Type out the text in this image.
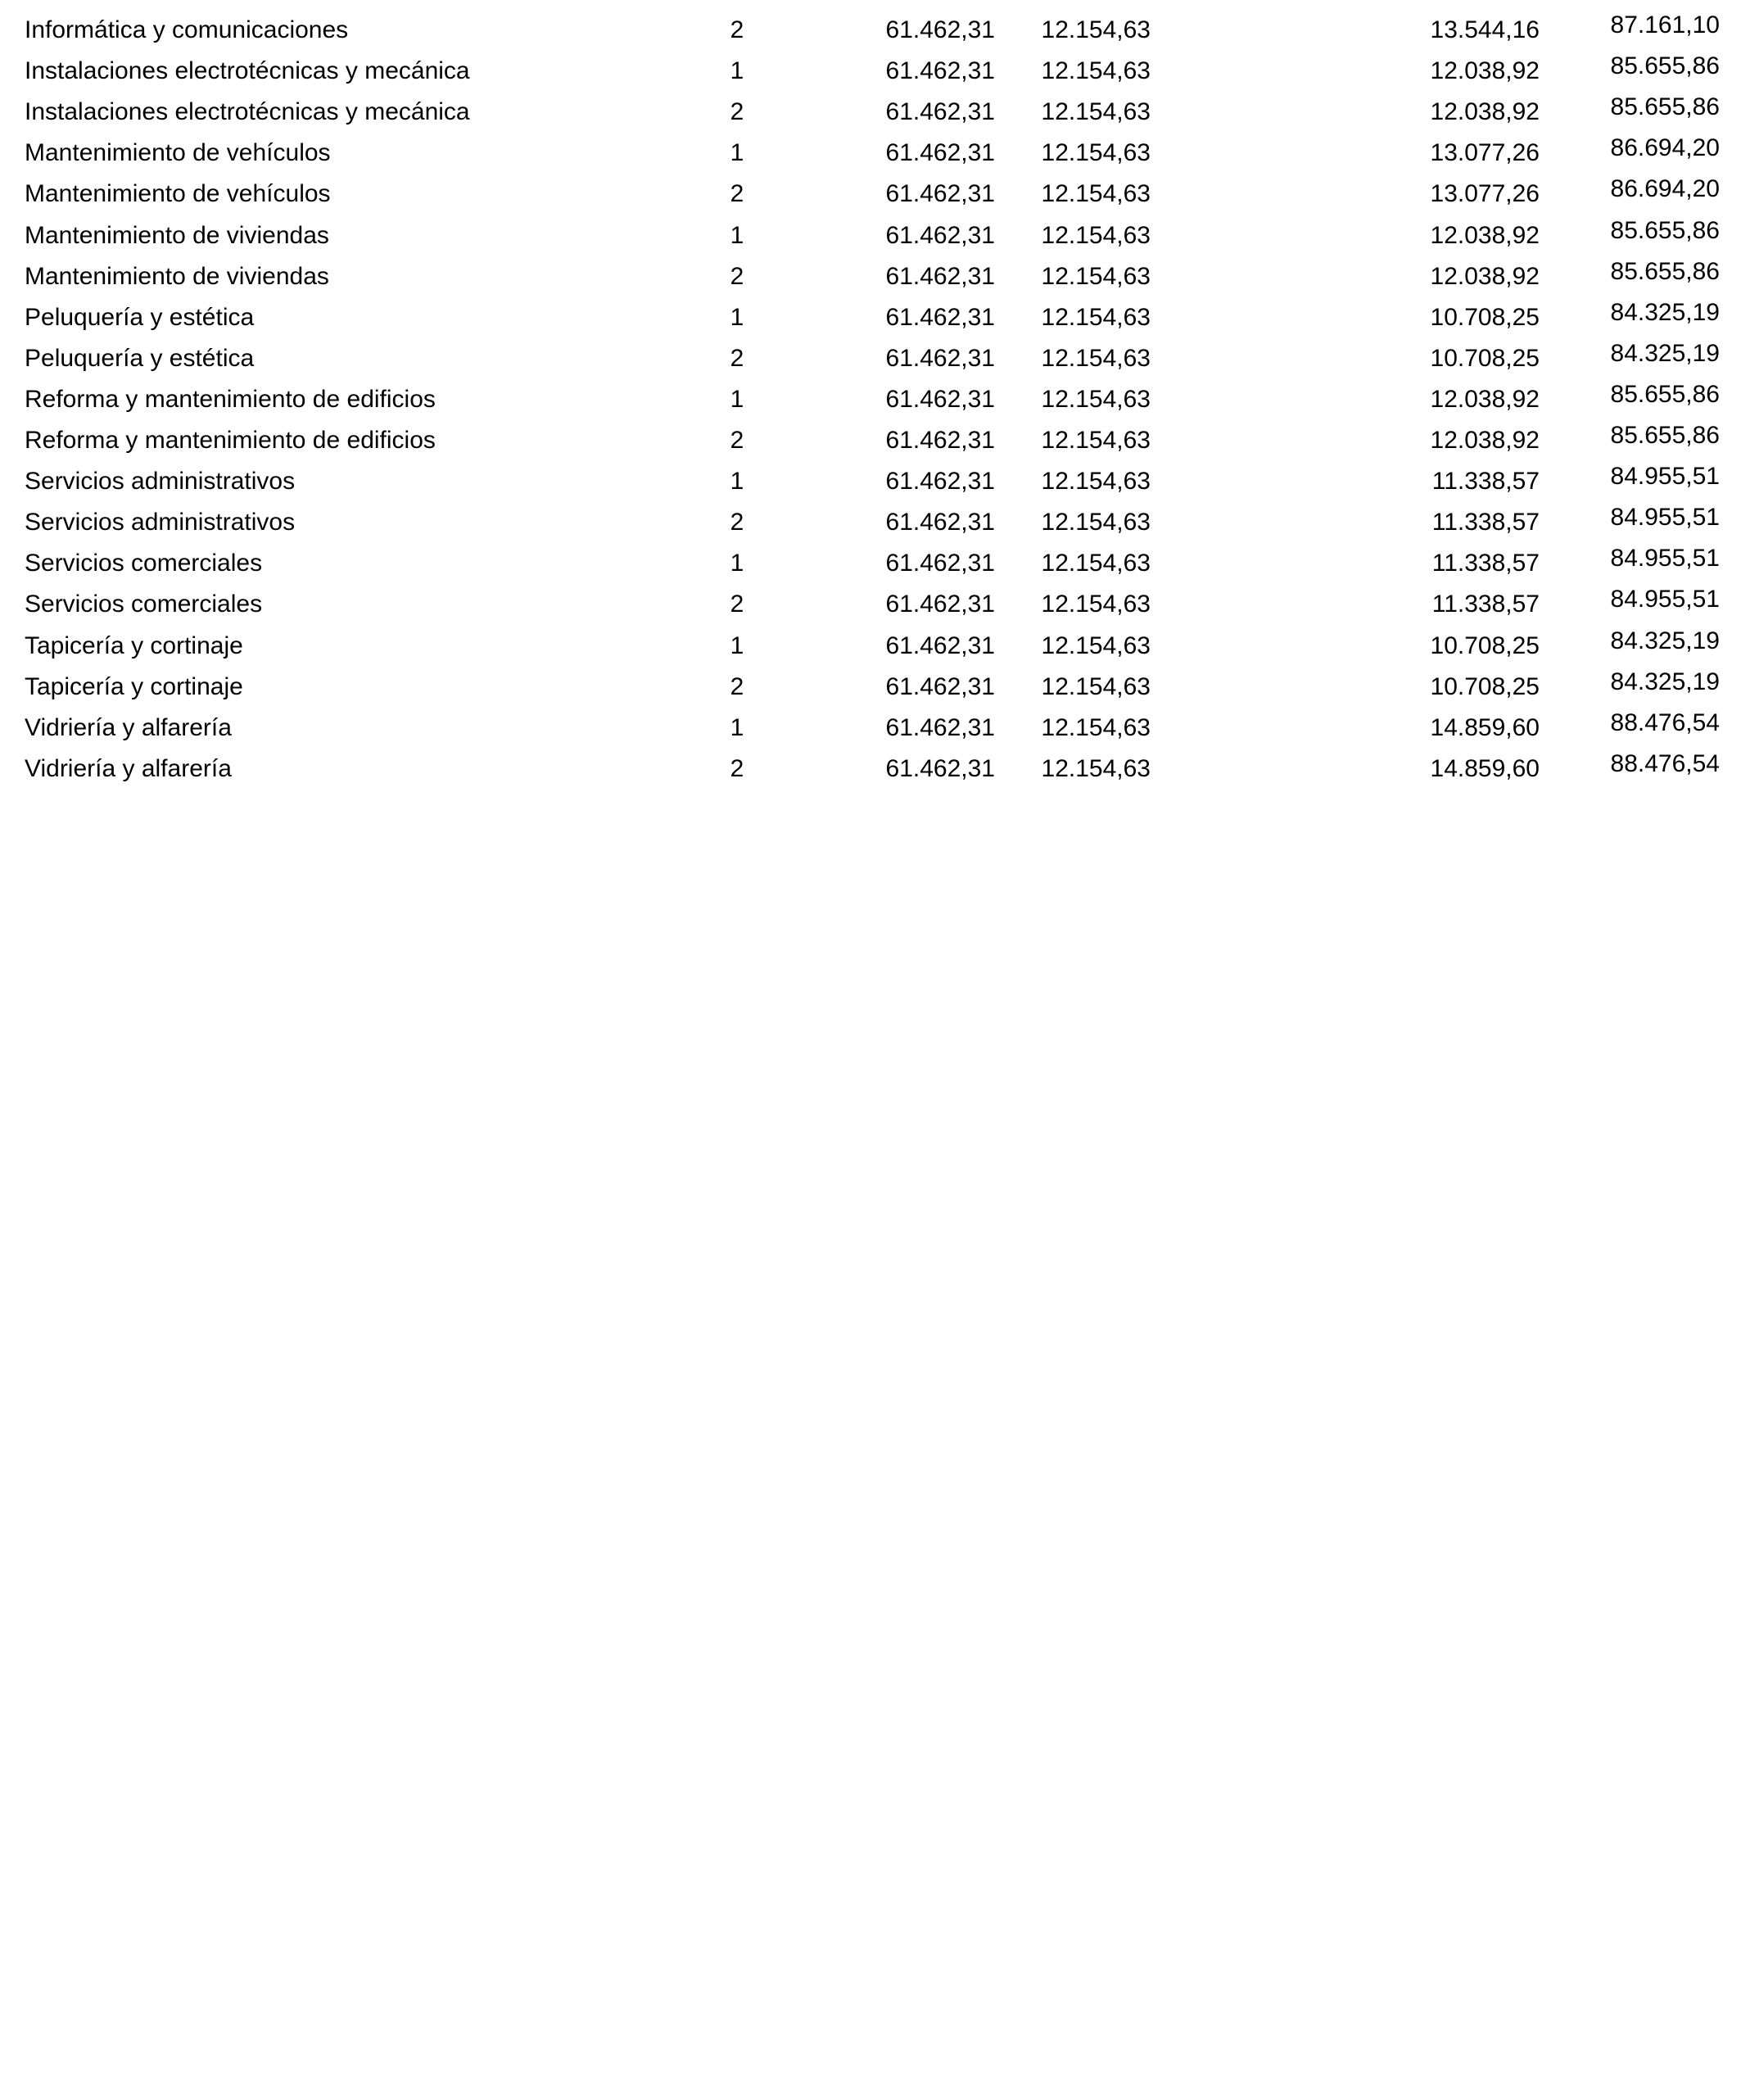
Informática y comunicaciones	2	61.462,31	12.154,63	13.544,16	87.161,10
Instalaciones electrotécnicas y mecánica	1	61.462,31	12.154,63	12.038,92	85.655,86
Instalaciones electrotécnicas y mecánica	2	61.462,31	12.154,63	12.038,92	85.655,86
Mantenimiento de vehículos	1	61.462,31	12.154,63	13.077,26	86.694,20
Mantenimiento de vehículos	2	61.462,31	12.154,63	13.077,26	86.694,20
Mantenimiento de viviendas	1	61.462,31	12.154,63	12.038,92	85.655,86
Mantenimiento de viviendas	2	61.462,31	12.154,63	12.038,92	85.655,86
Peluquería y estética	1	61.462,31	12.154,63	10.708,25	84.325,19
Peluquería y estética	2	61.462,31	12.154,63	10.708,25	84.325,19
Reforma y mantenimiento de edificios	1	61.462,31	12.154,63	12.038,92	85.655,86
Reforma y mantenimiento de edificios	2	61.462,31	12.154,63	12.038,92	85.655,86
Servicios administrativos	1	61.462,31	12.154,63	11.338,57	84.955,51
Servicios administrativos	2	61.462,31	12.154,63	11.338,57	84.955,51
Servicios comerciales	1	61.462,31	12.154,63	11.338,57	84.955,51
Servicios comerciales	2	61.462,31	12.154,63	11.338,57	84.955,51
Tapicería y cortinaje	1	61.462,31	12.154,63	10.708,25	84.325,19
Tapicería y cortinaje	2	61.462,31	12.154,63	10.708,25	84.325,19
Vidriería y alfarería	1	61.462,31	12.154,63	14.859,60	88.476,54
Vidriería y alfarería	2	61.462,31	12.154,63	14.859,60	88.476,54
